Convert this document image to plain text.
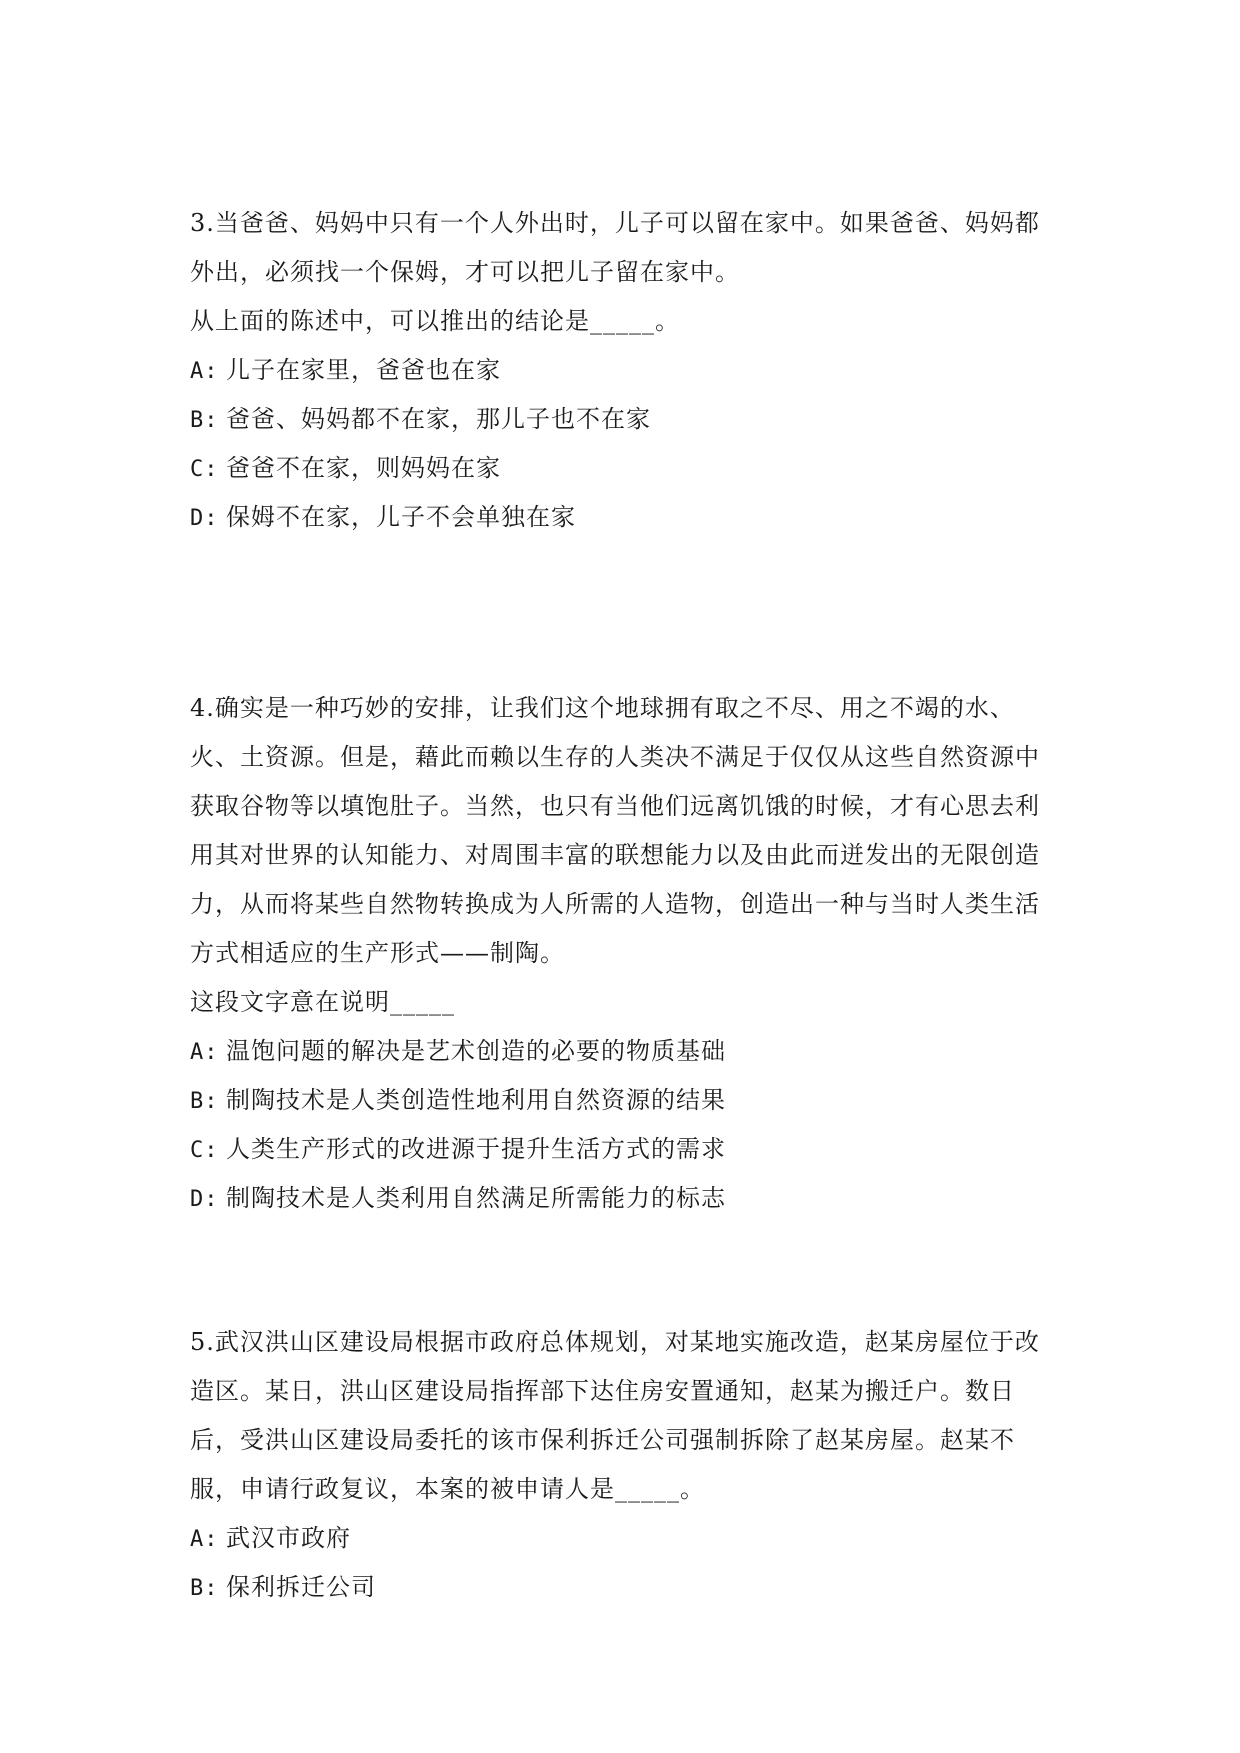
3.当爸爸、妈妈中只有一个人外出时，儿子可以留在家中。如果爸爸、妈妈都
外出，必须找一个保姆，才可以把儿子留在家中。
从上面的陈述中，可以推出的结论是_____。
A: 儿子在家里，爸爸也在家
B: 爸爸、妈妈都不在家，那儿子也不在家
C: 爸爸不在家，则妈妈在家
D: 保姆不在家，儿子不会单独在家
4.确实是一种巧妙的安排，让我们这个地球拥有取之不尽、用之不竭的水、
火、土资源。但是，藉此而赖以生存的人类决不满足于仅仅从这些自然资源中
获取谷物等以填饱肚子。当然，也只有当他们远离饥饿的时候，才有心思去利
用其对世界的认知能力、对周围丰富的联想能力以及由此而迸发出的无限创造
力，从而将某些自然物转换成为人所需的人造物，创造出一种与当时人类生活
方式相适应的生产形式——制陶。
这段文字意在说明_____
A: 温饱问题的解决是艺术创造的必要的物质基础
B: 制陶技术是人类创造性地利用自然资源的结果
C: 人类生产形式的改进源于提升生活方式的需求
D: 制陶技术是人类利用自然满足所需能力的标志
5.武汉洪山区建设局根据市政府总体规划，对某地实施改造，赵某房屋位于改
造区。某日，洪山区建设局指挥部下达住房安置通知，赵某为搬迁户。数日
后，受洪山区建设局委托的该市保利拆迁公司强制拆除了赵某房屋。赵某不
服，申请行政复议，本案的被申请人是_____。
A: 武汉市政府
B: 保利拆迁公司
